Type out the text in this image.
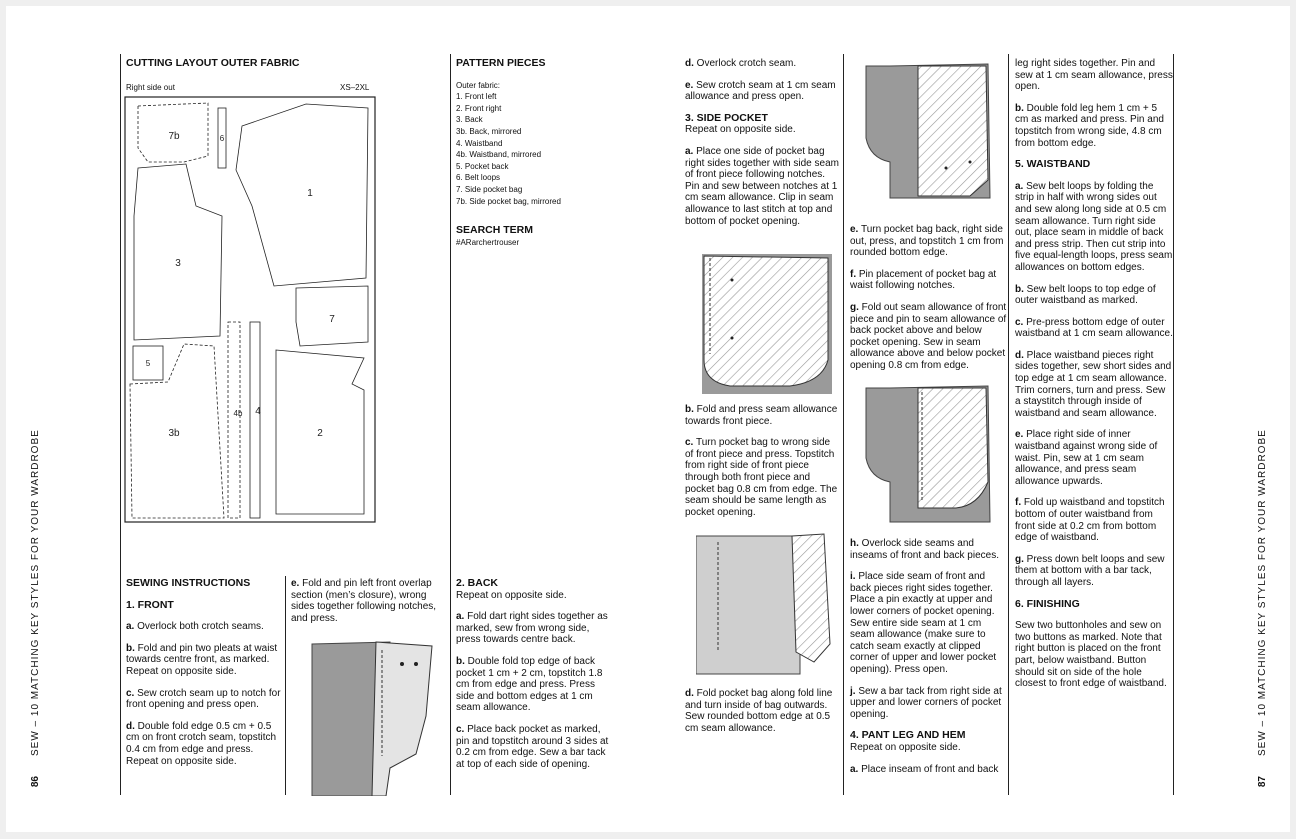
SEW – 10 MATCHING KEY STYLES FOR YOUR WARDROBE
86
SEW – 10 MATCHING KEY STYLES FOR YOUR WARDROBE
87
CUTTING LAYOUT OUTER FABRIC
Right side out	XS–2XL
7b	6
1
3
7
5
4
4b
3b	2
PATTERN PIECES
Outer fabric:
1. Front left
2. Front right
3. Back
3b. Back, mirrored
4. Waistband
4b. Waistband, mirrored
5. Pocket back
6. Belt loops
7. Side pocket bag
7b. Side pocket bag, mirrored
SEARCH TERM
#ARarchertrouser
SEWING INSTRUCTIONS
1. FRONT

a. Overlock both crotch seams.

b. Fold and pin two pleats at waist towards centre front, as marked. Repeat on opposite side.

c. Sew crotch seam up to notch for front opening and press open.

d. Double fold edge 0.5 cm + 0.5 cm on front crotch seam, topstitch 0.4 cm from edge and press. Repeat on opposite side.

e. Fold and pin left front overlap section (men’s closure), wrong sides together following notches, and press.

2. BACK

Repeat on opposite side.

a. Fold dart right sides together as marked, sew from wrong side, press towards centre back.

b. Double fold top edge of back pocket 1 cm + 2 cm, topstitch 1.8 cm from edge and press. Press side and bottom edges at 1 cm seam allowance.

c. Place back pocket as marked, pin and topstitch around 3 sides at 0.2 cm from edge. Sew a bar tack at top of each side of opening.

d. Overlock crotch seam.

e. Sew crotch seam at 1 cm seam allowance and press open.

3. SIDE POCKET

Repeat on opposite side.

a. Place one side of pocket bag right sides together with side seam of front piece following notches. Pin and sew between notches at 1 cm seam allowance. Clip in seam allowance to last stitch at top and bottom of pocket opening.

b. Fold and press seam allowance towards front piece.

c. Turn pocket bag to wrong side of front piece and press. Topstitch from right side of front piece through both front piece and pocket bag 0.8 cm from edge. The seam should be same length as pocket opening.

d. Fold pocket bag along fold line and turn inside of bag outwards. Sew rounded bottom edge at 0.5 cm seam allowance.

e. Turn pocket bag back, right side out, press, and topstitch 1 cm from rounded bottom edge.

f. Pin placement of pocket bag at waist following notches.

g. Fold out seam allowance of front piece and pin to seam allowance of back pocket above and below pocket opening. Sew in seam allowance above and below pocket opening 0.8 cm from edge.

h. Overlock side seams and inseams of front and back pieces.

i. Place side seam of front and back pieces right sides together. Place a pin exactly at upper and lower corners of pocket opening. Sew entire side seam at 1 cm seam allowance (make sure to catch seam exactly at clipped corner of upper and lower pocket opening). Press open.

j. Sew a bar tack from right side at upper and lower corners of pocket opening.

4. PANT LEG AND HEM

Repeat on opposite side.

a. Place inseam of front and back

leg right sides together. Pin and sew at 1 cm seam allowance, press open.

b. Double fold leg hem 1 cm + 5 cm as marked and press. Pin and topstitch from wrong side, 4.8 cm from bottom edge.

5. WAISTBAND

a. Sew belt loops by folding the strip in half with wrong sides out and sew along long side at 0.5 cm seam allowance. Turn right side out, place seam in middle of back and press strip. Then cut strip into five equal-length loops, press seam allowances on bottom edges.

b. Sew belt loops to top edge of outer waistband as marked.

c. Pre-press bottom edge of outer waistband at 1 cm seam allowance.

d. Place waistband pieces right sides together, sew short sides and top edge at 1 cm seam allowance. Trim corners, turn and press. Sew a staystitch through inside of waistband and seam allowance.

e. Place right side of inner waistband against wrong side of waist. Pin, sew at 1 cm seam allowance, and press seam allowance upwards.

f. Fold up waistband and topstitch bottom of outer waistband from front side at 0.2 cm from bottom edge of waistband.

g. Press down belt loops and sew them at bottom with a bar tack, through all layers.

6. FINISHING

Sew two buttonholes and sew on two buttons as marked. Note that right button is placed on the front part, below waistband. Button should sit on side of the hole closest to front edge of waistband.
